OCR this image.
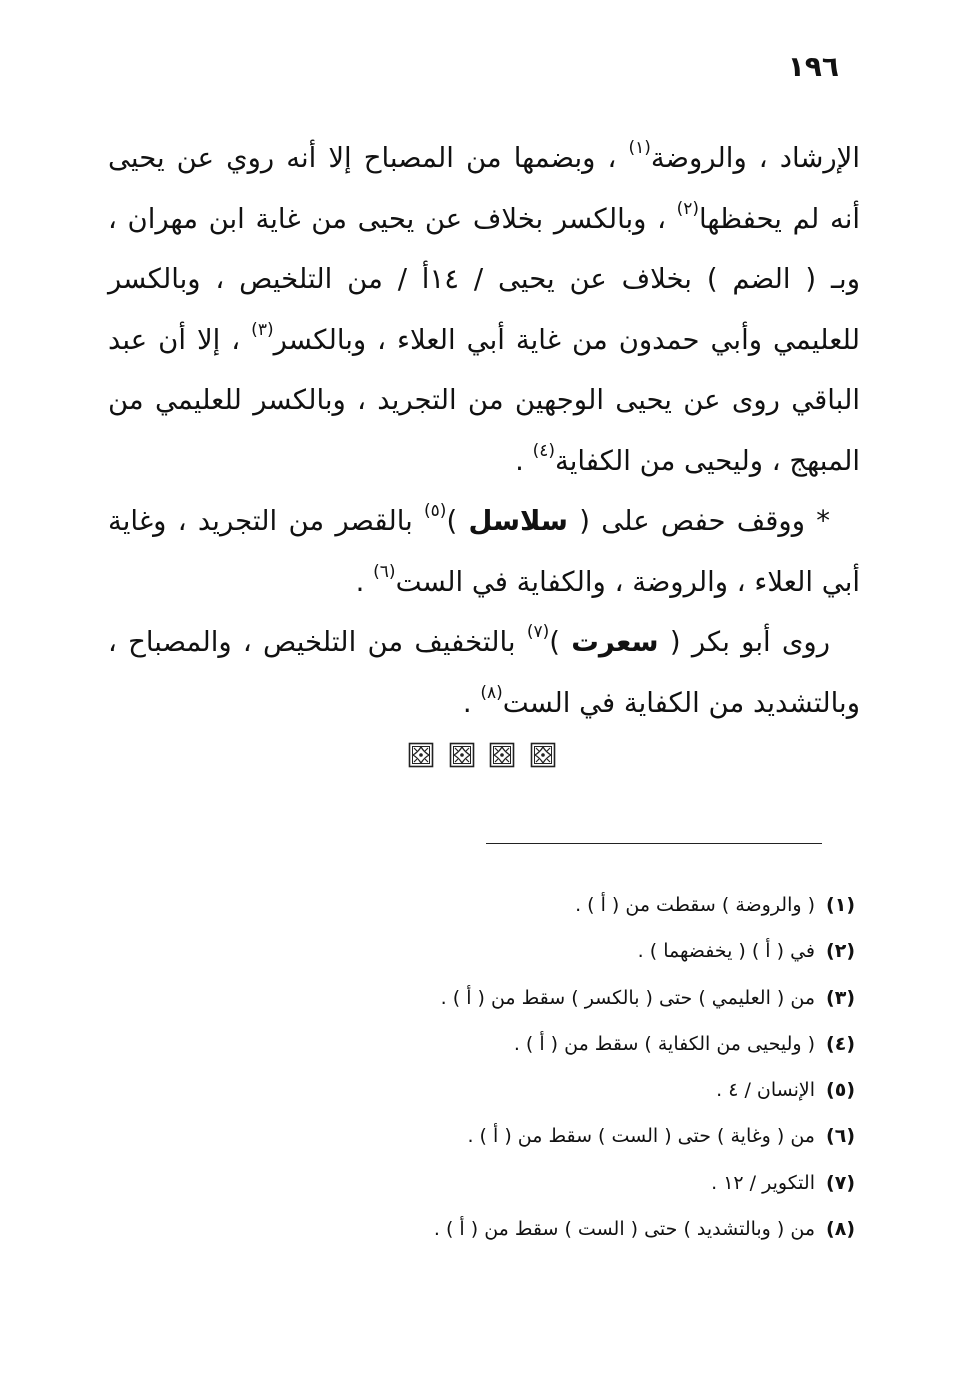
١٩٦

الإرشاد ، والروضة$^{(١)}$ ، وبضمها من المصباح إلا أنه روي عن يحيى أنه لم يحفظها$^{(٢)}$ ، وبالكسر بخلاف عن يحيى من غاية ابن مهران ، وبـ ( الضم ) بخلاف عن يحيى / ١٤أ / من التلخيص ، وبالكسر للعليمي وأبي حمدون من غاية أبي العلاء ، وبالكسر$^{(٣)}$ ، إلا أن عبد الباقي روى عن يحيى الوجهين من التجريد ، وبالكسر للعليمي من المبهج ، وليحيى من الكفاية$^{(٤)}$ .

* ووقف حفص على ( سلاسل )$^{(٥)}$ بالقصر من التجريد ، وغاية أبي العلاء ، والروضة ، والكفاية في الست$^{(٦)}$ .

روى أبو بكر ( سعرت )$^{(٧)}$ بالتخفيف من التلخيص ، والمصباح ، وبالتشديد من الكفاية في الست$^{(٨)}$ .

(١)( والروضة ) سقطت من ( أ ) .
(٢)في ( أ ) ( يخفضهما ) .
(٣)من ( العليمي ) حتى ( بالكسر ) سقط من ( أ ) .
(٤)( وليحيى من الكفاية ) سقط من ( أ ) .
(٥)الإنسان / ٤ .
(٦)من ( وغاية ) حتى ( الست ) سقط من ( أ ) .
(٧)التكوير / ١٢ .
(٨)من ( وبالتشديد ) حتى ( الست ) سقط من ( أ ) .
